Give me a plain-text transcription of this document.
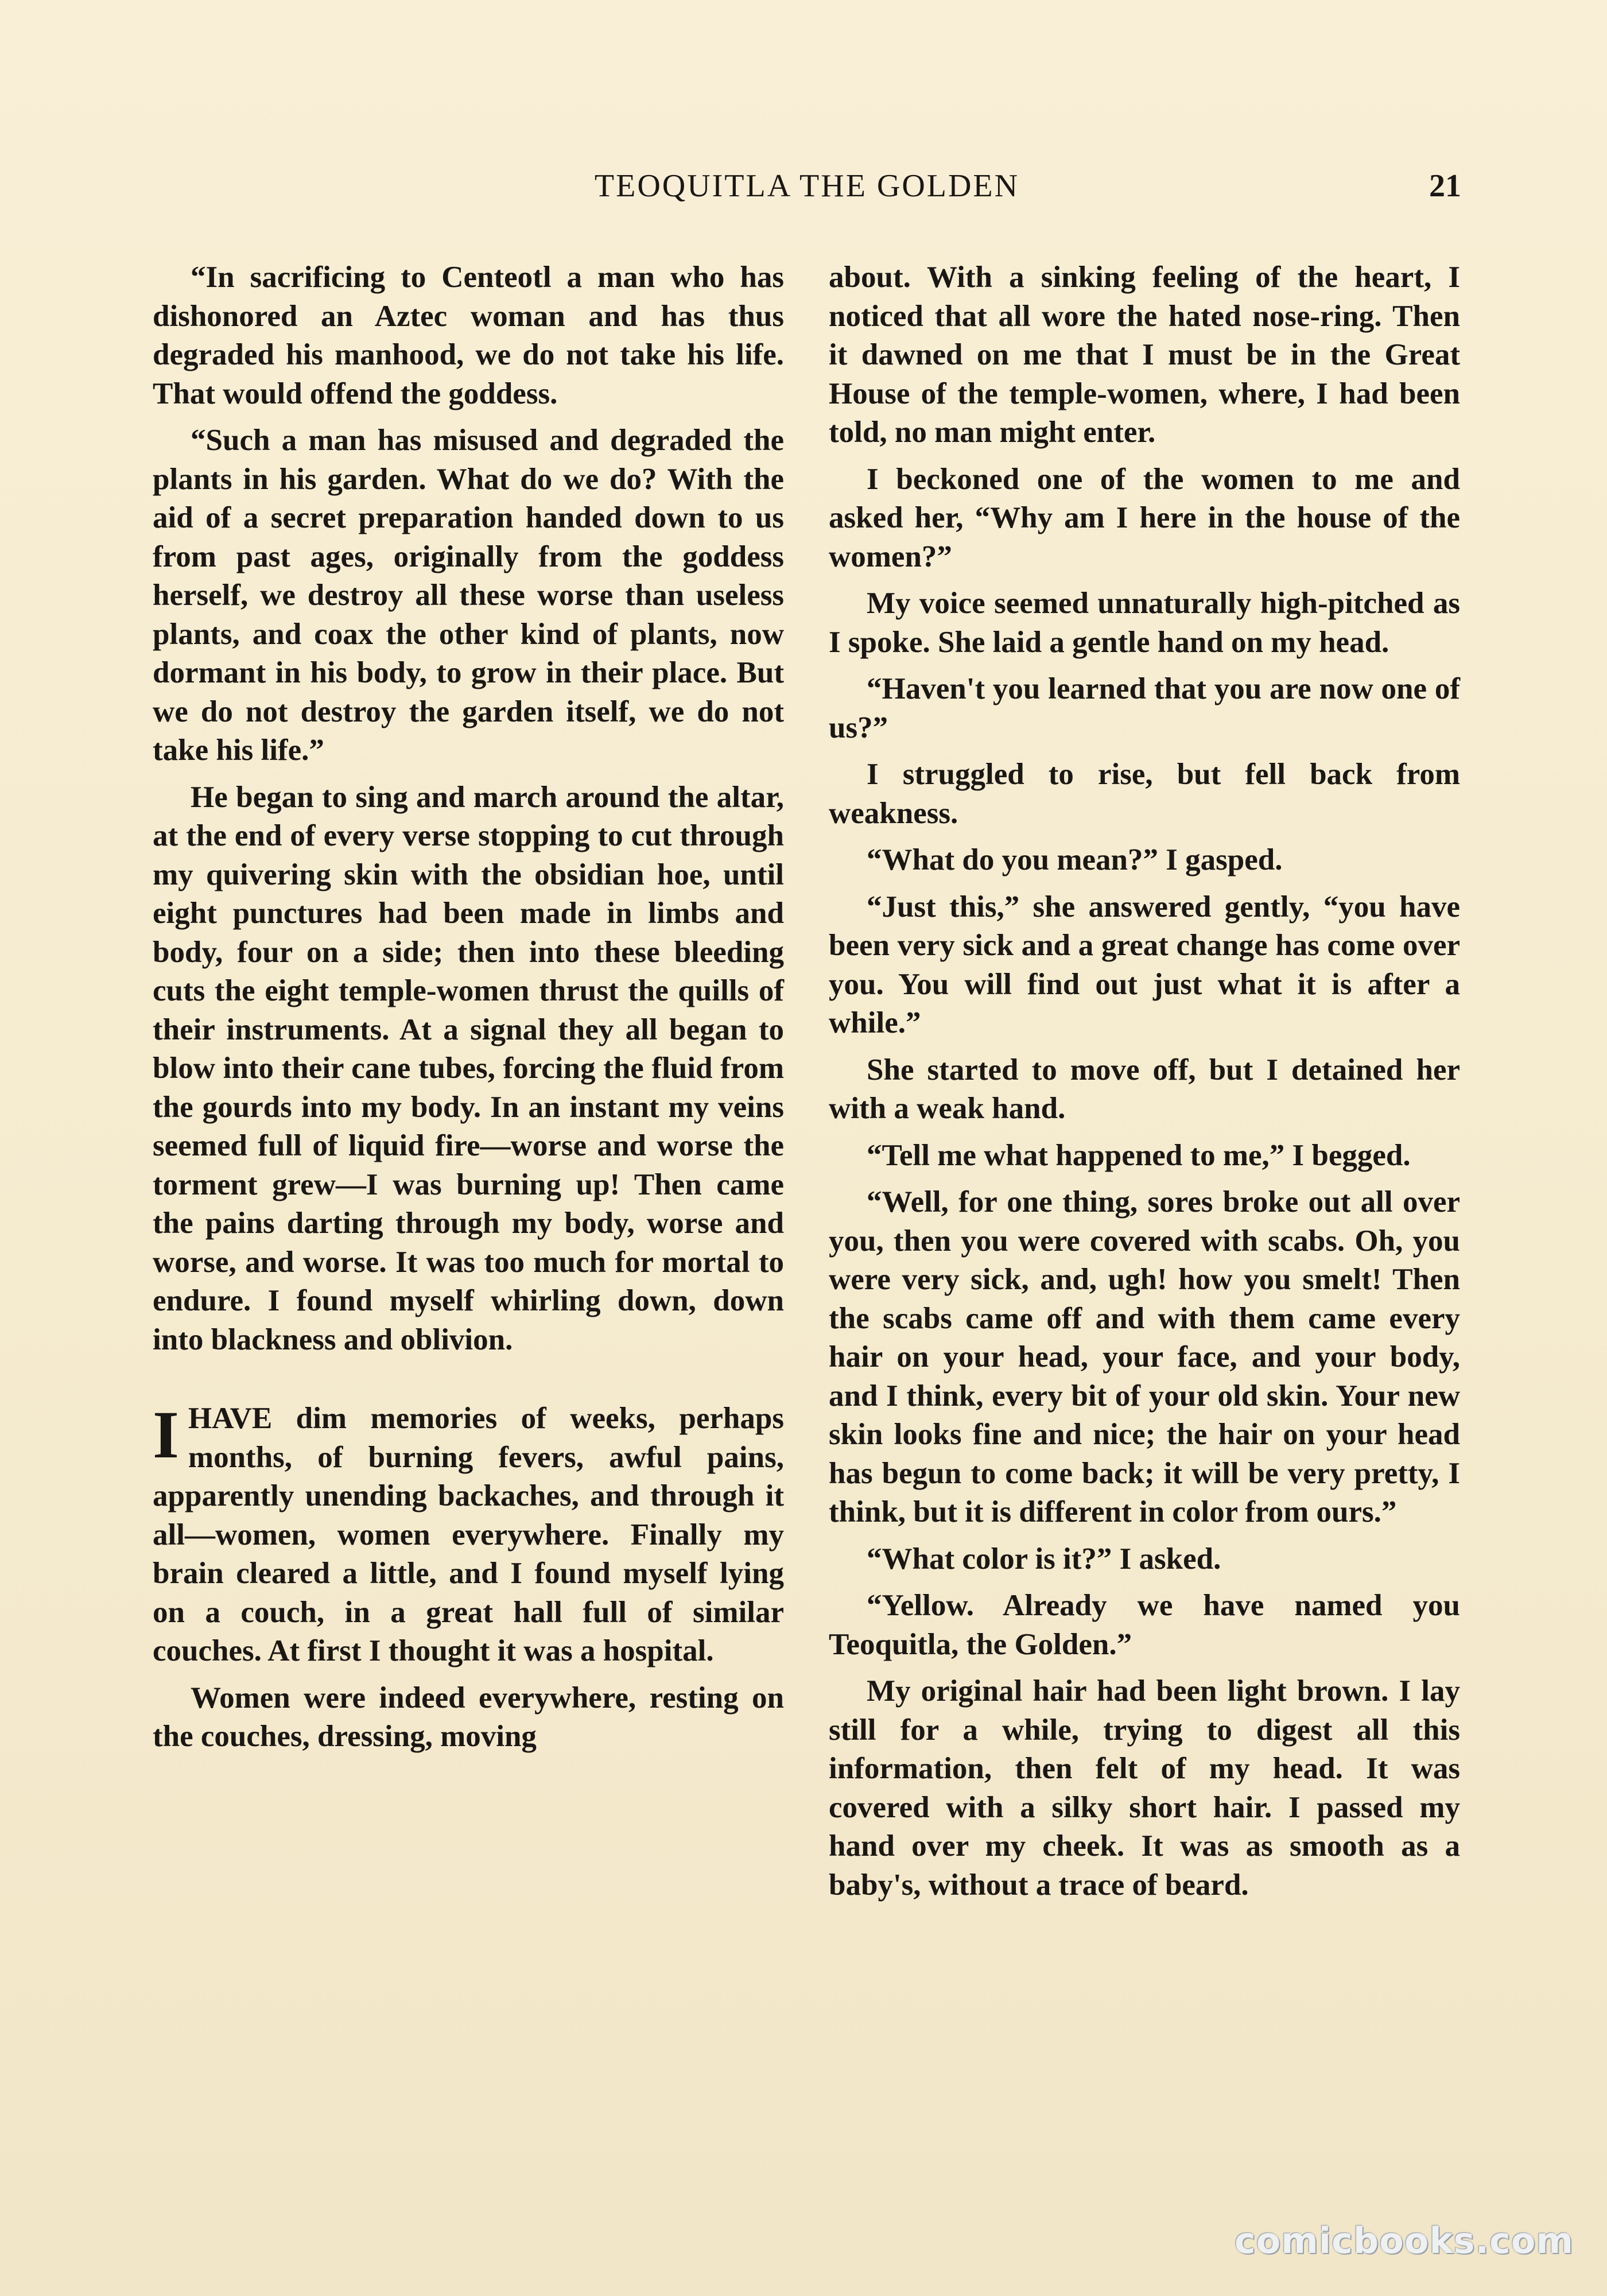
TEOQUITLA THE GOLDEN	21

“In sacrificing to Centeotl a man who has dishonored an Aztec woman and has thus degraded his manhood, we do not take his life. That would offend the goddess.

“Such a man has misused and degraded the plants in his garden. What do we do? With the aid of a secret preparation handed down to us from past ages, originally from the goddess herself, we destroy all these worse than useless plants, and coax the other kind of plants, now dormant in his body, to grow in their place. But we do not destroy the garden itself, we do not take his life.”

He began to sing and march around the altar, at the end of every verse stopping to cut through my quivering skin with the obsidian hoe, until eight punctures had been made in limbs and body, four on a side; then into these bleeding cuts the eight temple-women thrust the quills of their instruments. At a signal they all began to blow into their cane tubes, forcing the fluid from the gourds into my body. In an instant my veins seemed full of liquid fire—worse and worse the torment grew—I was burning up! Then came the pains darting through my body, worse and worse, and worse. It was too much for mortal to endure. I found myself whirling down, down into blackness and oblivion.

IHAVE dim memories of weeks, perhaps months, of burning fevers, awful pains, apparently unending backaches, and through it all—women, women everywhere. Finally my brain cleared a little, and I found myself lying on a couch, in a great hall full of similar couches. At first I thought it was a hospital.

Women were indeed everywhere, resting on the couches, dressing, moving

about. With a sinking feeling of the heart, I noticed that all wore the hated nose-ring. Then it dawned on me that I must be in the Great House of the temple-women, where, I had been told, no man might enter.

I beckoned one of the women to me and asked her, “Why am I here in the house of the women?”

My voice seemed unnaturally high-pitched as I spoke. She laid a gentle hand on my head.

“Haven't you learned that you are now one of us?”

I struggled to rise, but fell back from weakness.

“What do you mean?” I gasped.

“Just this,” she answered gently, “you have been very sick and a great change has come over you. You will find out just what it is after a while.”

She started to move off, but I detained her with a weak hand.

“Tell me what happened to me,” I begged.

“Well, for one thing, sores broke out all over you, then you were covered with scabs. Oh, you were very sick, and, ugh! how you smelt! Then the scabs came off and with them came every hair on your head, your face, and your body, and I think, every bit of your old skin. Your new skin looks fine and nice; the hair on your head has begun to come back; it will be very pretty, I think, but it is different in color from ours.”

“What color is it?” I asked.

“Yellow. Already we have named you Teoquitla, the Golden.”

My original hair had been light brown. I lay still for a while, trying to digest all this information, then felt of my head. It was covered with a silky short hair. I passed my hand over my cheek. It was as smooth as a baby's, without a trace of beard.

comicbooks.com
